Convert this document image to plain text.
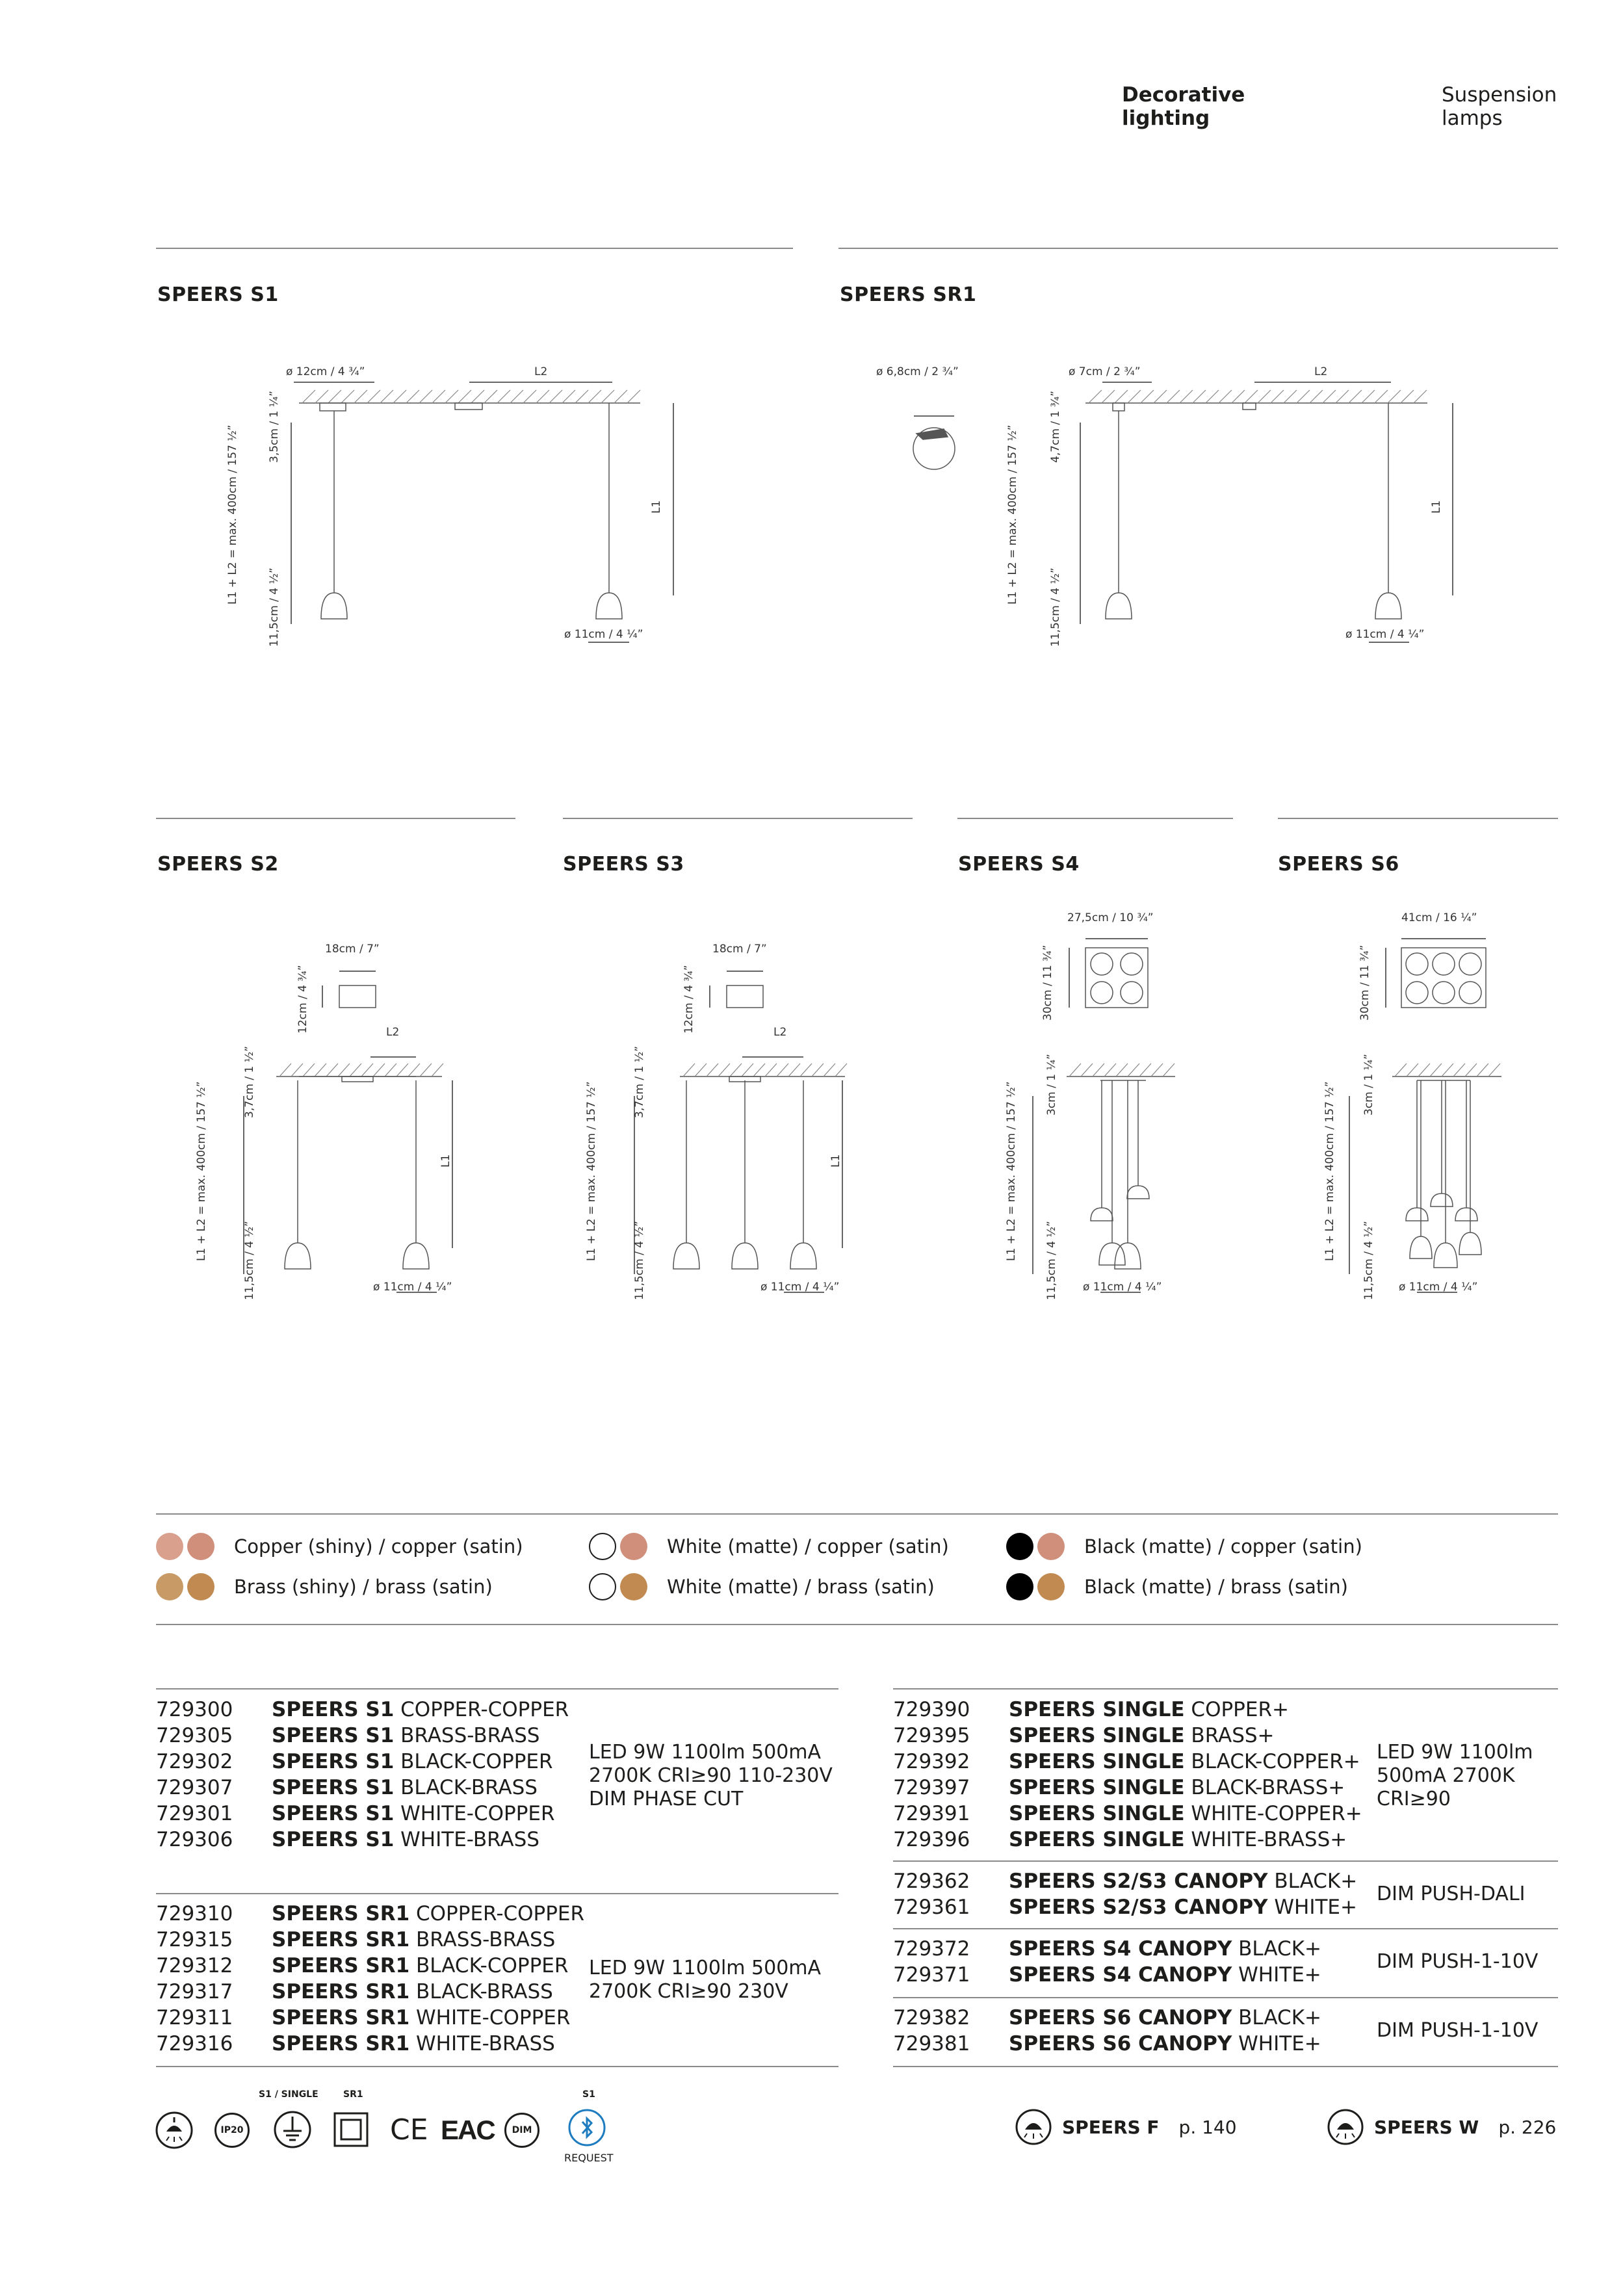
Decorative
lighting
Suspension
lamps
SPEERS S1
ø 12cm / 4 ¾”	L2
L1
L1 + L2 = max. 400cm / 157 ½”	3,5cm / 1 ¼”
11,5cm / 4 ½”	ø 11cm / 4 ¼”
SPEERS SR1
ø 6,8cm / 2 ¾”	ø 7cm / 2 ¾”	L2
L1
L1 + L2 = max. 400cm / 157 ½”	4,7cm / 1 ¾”
11,5cm / 4 ½”	ø 11cm / 4 ¼”
SPEERS S2
18cm / 7”
12cm / 4 ¾”	L2
L1
L1 + L2 = max. 400cm / 157 ½”	3,7cm / 1 ½”
11,5cm / 4 ½”	ø 11cm / 4 ¼”
SPEERS S3
18cm / 7”
12cm / 4 ¾”	L2
L1
L1 + L2 = max. 400cm / 157 ½”	3,7cm / 1 ½”
11,5cm / 4 ½”	ø 11cm / 4 ¼”
SPEERS S4
27,5cm / 10 ¾”
30cm / 11 ¾”
3cm / 1 ¼”
L1 + L2 = max. 400cm / 157 ½” 11,5cm / 4 ½” ø 11cm / 4 ¼”
SPEERS S6
41cm / 16 ¼”
30cm / 11 ¾”
3cm / 1 ¼”
L1 + L2 = max. 400cm / 157 ½” 11,5cm / 4 ½” ø 11cm / 4 ¼”
Copper (shiny) / copper (satin)	White (matte) / copper (satin)	Black (matte) / copper (satin)
Brass (shiny) / brass (satin)	White (matte) / brass (satin)	Black (matte) / brass (satin)
729300	SPEERS S1 COPPER-COPPER
729305	SPEERS S1 BRASS-BRASS
729302	SPEERS S1 BLACK-COPPER
729307	SPEERS S1 BLACK-BRASS
729301	SPEERS S1 WHITE-COPPER
729306	SPEERS S1 WHITE-BRASS
LED 9W 1100lm 500mA
2700K CRI≥90 110-230V
DIM PHASE CUT
729310	SPEERS SR1 COPPER-COPPER
729315	SPEERS SR1 BRASS-BRASS
729312	SPEERS SR1 BLACK-COPPER
729317	SPEERS SR1 BLACK-BRASS
729311	SPEERS SR1 WHITE-COPPER
729316	SPEERS SR1 WHITE-BRASS
LED 9W 1100lm 500mA
2700K CRI≥90 230V
729390	SPEERS SINGLE COPPER+
729395	SPEERS SINGLE BRASS+
729392	SPEERS SINGLE BLACK-COPPER+
729397	SPEERS SINGLE BLACK-BRASS+
729391	SPEERS SINGLE WHITE-COPPER+
729396	SPEERS SINGLE WHITE-BRASS+
LED 9W 1100lm
500mA 2700K
CRI≥90
729362	SPEERS S2/S3 CANOPY BLACK+
729361	SPEERS S2/S3 CANOPY WHITE+
DIM PUSH-DALI
729372	SPEERS S4 CANOPY BLACK+
729371	SPEERS S4 CANOPY WHITE+
DIM PUSH-1-10V
729382	SPEERS S6 CANOPY BLACK+
729381	SPEERS S6 CANOPY WHITE+
DIM PUSH-1-10V
S1 / SINGLE	SR1	S1
IP20	CE EAC DIM
REQUEST
SPEERS F p. 140	SPEERS W p. 226
